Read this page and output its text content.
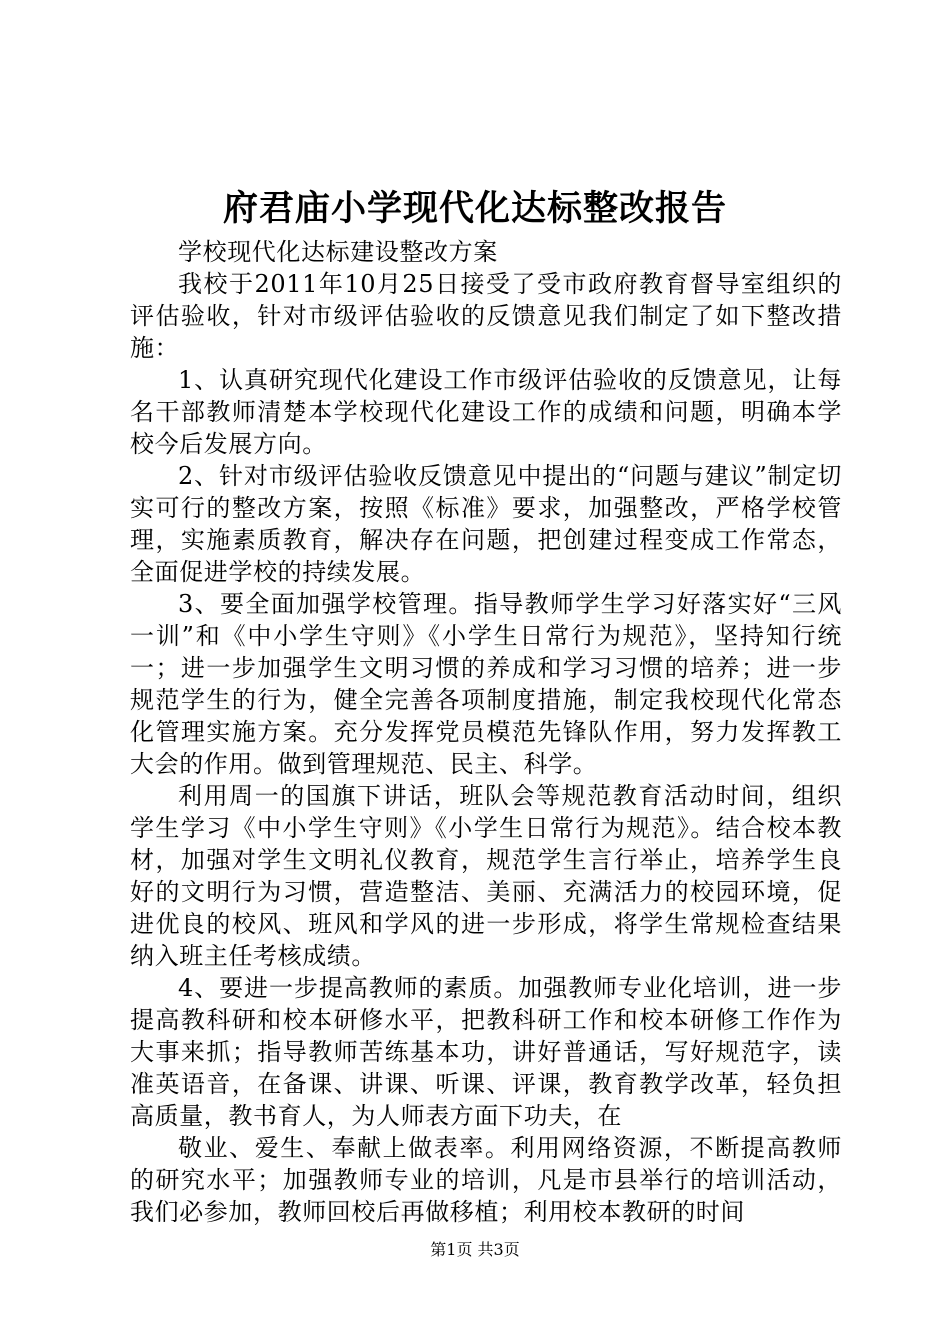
府君庙小学现代化达标整改报告

学校现代化达标建设整改方案

我校于2011年10月25日接受了受市政府教育督导室组织的评估验收，针对市级评估验收的反馈意见我们制定了如下整改措施：

1、认真研究现代化建设工作市级评估验收的反馈意见，让每名干部教师清楚本学校现代化建设工作的成绩和问题，明确本学校今后发展方向。

2、针对市级评估验收反馈意见中提出的“问题与建议”制定切实可行的整改方案，按照《标准》要求，加强整改，严格学校管理，实施素质教育，解决存在问题，把创建过程变成工作常态，全面促进学校的持续发展。

3、要全面加强学校管理。指导教师学生学习好落实好“三风一训”和《中小学生守则》《小学生日常行为规范》，坚持知行统一；进一步加强学生文明习惯的养成和学习习惯的培养；进一步规范学生的行为，健全完善各项制度措施，制定我校现代化常态化管理实施方案。充分发挥党员模范先锋队作用，努力发挥教工大会的作用。做到管理规范、民主、科学。

利用周一的国旗下讲话，班队会等规范教育活动时间，组织学生学习《中小学生守则》《小学生日常行为规范》。结合校本教材，加强对学生文明礼仪教育，规范学生言行举止，培养学生良好的文明行为习惯，营造整洁、美丽、充满活力的校园环境，促进优良的校风、班风和学风的进一步形成，将学生常规检查结果纳入班主任考核成绩。

4、要进一步提高教师的素质。加强教师专业化培训，进一步提高教科研和校本研修水平，把教科研工作和校本研修工作作为大事来抓；指导教师苦练基本功，讲好普通话，写好规范字，读准英语音，在备课、讲课、听课、评课，教育教学改革，轻负担高质量，教书育人，为人师表方面下功夫，在

敬业、爱生、奉献上做表率。利用网络资源，不断提高教师的研究水平；加强教师专业的培训，凡是市县举行的培训活动，我们必参加，教师回校后再做移植；利用校本教研的时间

第1页 共3页
